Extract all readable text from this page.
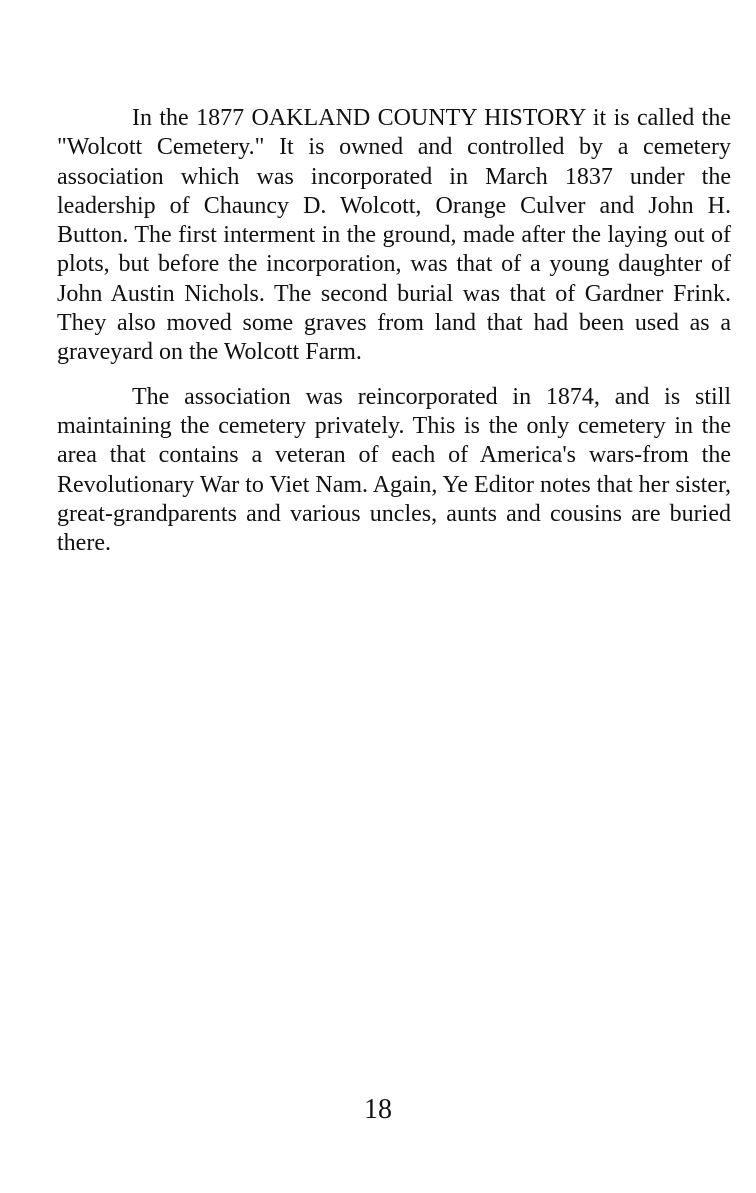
In the 1877 OAKLAND COUNTY HISTORY it is called the "Wolcott Cemetery." It is owned and controlled by a cemetery association which was incorporated in March 1837 under the leadership of Chauncy D. Wolcott, Orange Culver and John H. Button. The first interment in the ground, made after the laying out of plots, but before the incorporation, was that of a young daughter of John Austin Nichols. The second burial was that of Gardner Frink. They also moved some graves from land that had been used as a graveyard on the Wolcott Farm.

The association was reincorporated in 1874, and is still maintaining the cemetery privately. This is the only cemetery in the area that contains a veteran of each of America's wars-from the Revolutionary War to Viet Nam. Again, Ye Editor notes that her sister, great-grandparents and various uncles, aunts and cousins are buried there.

18
